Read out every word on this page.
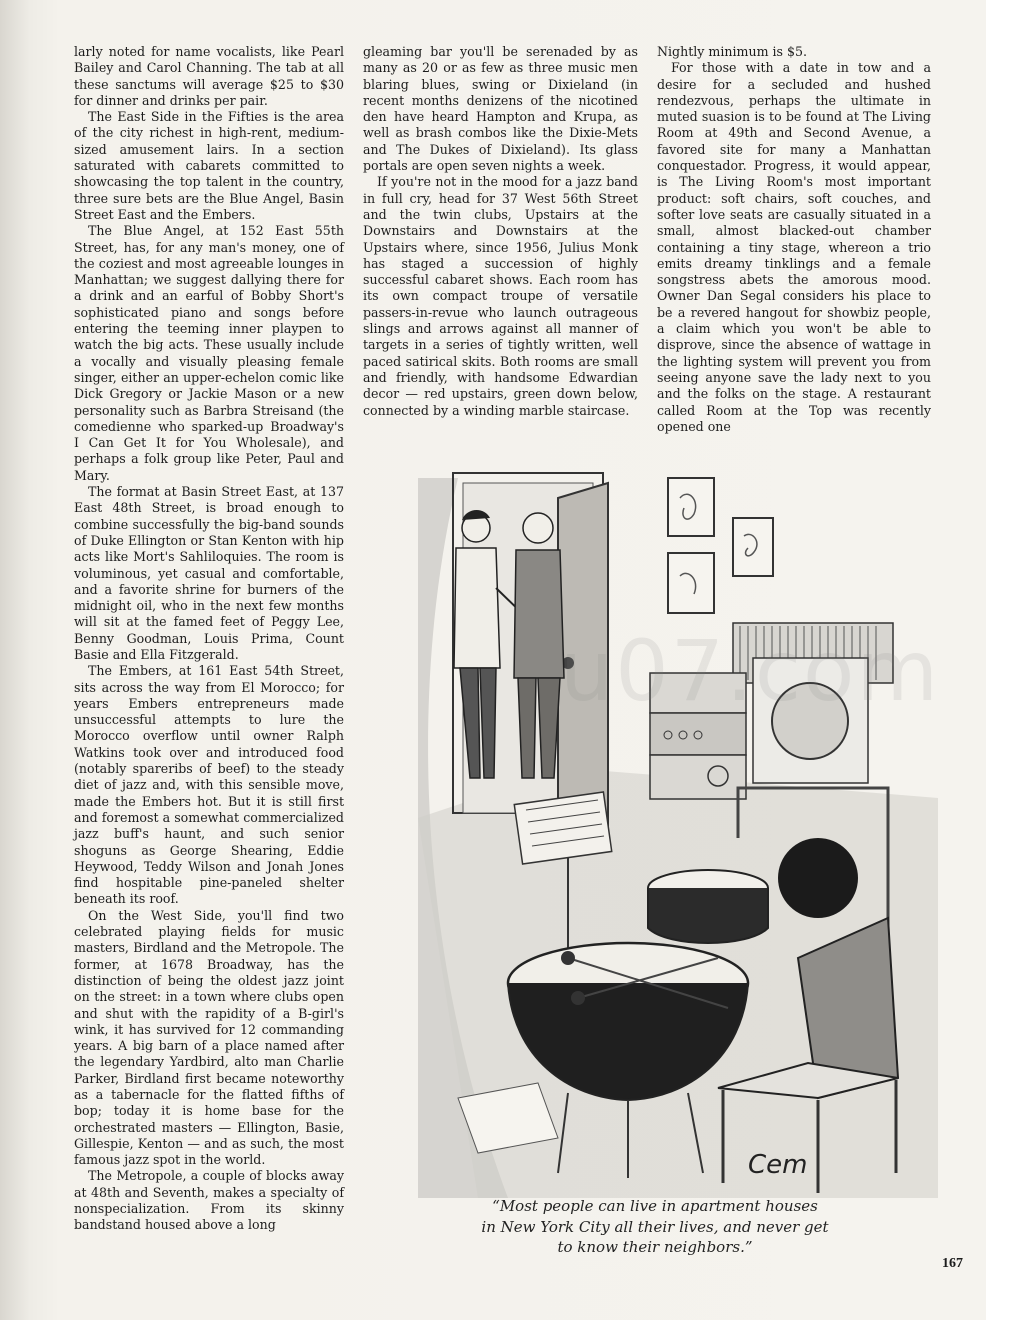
larly noted for name vocalists, like Pearl Bailey and Carol Channing. The tab at all these sanctums will average $25 to $30 for dinner and drinks per pair.

The East Side in the Fifties is the area of the city richest in high-rent, medium-sized amusement lairs. In a section saturated with cabarets committed to showcasing the top talent in the country, three sure bets are the Blue Angel, Basin Street East and the Embers.

The Blue Angel, at 152 East 55th Street, has, for any man's money, one of the coziest and most agreeable lounges in Manhattan; we suggest dallying there for a drink and an earful of Bobby Short's sophisticated piano and songs before entering the teeming inner playpen to watch the big acts. These usually include a vocally and visually pleasing female singer, either an upper-echelon comic like Dick Gregory or Jackie Mason or a new personality such as Barbra Streisand (the comedienne who sparked-up Broadway's I Can Get It for You Wholesale), and perhaps a folk group like Peter, Paul and Mary.

The format at Basin Street East, at 137 East 48th Street, is broad enough to combine successfully the big-band sounds of Duke Ellington or Stan Kenton with hip acts like Mort's Sahliloquies. The room is voluminous, yet casual and comfortable, and a favorite shrine for burners of the midnight oil, who in the next few months will sit at the famed feet of Peggy Lee, Benny Goodman, Louis Prima, Count Basie and Ella Fitzgerald.

The Embers, at 161 East 54th Street, sits across the way from El Morocco; for years Embers entrepreneurs made unsuccessful attempts to lure the Morocco overflow until owner Ralph Watkins took over and introduced food (notably spareribs of beef) to the steady diet of jazz and, with this sensible move, made the Embers hot. But it is still first and foremost a somewhat commercialized jazz buff's haunt, and such senior shoguns as George Shearing, Eddie Heywood, Teddy Wilson and Jonah Jones find hospitable pine-paneled shelter beneath its roof.

On the West Side, you'll find two celebrated playing fields for music masters, Birdland and the Metropole. The former, at 1678 Broadway, has the distinction of being the oldest jazz joint on the street: in a town where clubs open and shut with the rapidity of a B-girl's wink, it has survived for 12 commanding years. A big barn of a place named after the legendary Yardbird, alto man Charlie Parker, Birdland first became noteworthy as a tabernacle for the flatted fifths of bop; today it is home base for the orchestrated masters — Ellington, Basie, Gillespie, Kenton — and as such, the most famous jazz spot in the world.

The Metropole, a couple of blocks away at 48th and Seventh, makes a specialty of nonspecialization. From its skinny bandstand housed above a long

gleaming bar you'll be serenaded by as many as 20 or as few as three music men blaring blues, swing or Dixieland (in recent months denizens of the nicotined den have heard Hampton and Krupa, as well as brash combos like the Dixie-Mets and The Dukes of Dixieland). Its glass portals are open seven nights a week.

If you're not in the mood for a jazz band in full cry, head for 37 West 56th Street and the twin clubs, Upstairs at the Downstairs and Downstairs at the Upstairs where, since 1956, Julius Monk has staged a succession of highly successful cabaret shows. Each room has its own compact troupe of versatile passers-in-revue who launch outrageous slings and arrows against all manner of targets in a series of tightly written, well paced satirical skits. Both rooms are small and friendly, with handsome Edwardian decor — red upstairs, green down below, connected by a winding marble staircase.

Nightly minimum is $5.

For those with a date in tow and a desire for a secluded and hushed rendezvous, perhaps the ultimate in muted suasion is to be found at The Living Room at 49th and Second Avenue, a favored site for many a Manhattan conquestador. Progress, it would appear, is The Living Room's most important product: soft chairs, soft couches, and softer love seats are casually situated in a small, almost blacked-out chamber containing a tiny stage, whereon a trio emits dreamy tinklings and a female songstress abets the amorous mood. Owner Dan Segal considers his place to be a revered hangout for showbiz people, a claim which you won't be able to disprove, since the absence of wattage in the lighting system will prevent you from seeing anyone save the lady next to you and the folks on the stage. A restaurant called Room at the Top was recently opened one

Cem
u07.com
“Most people can live in apartment houses
in New York City all their lives, and never get
to know their neighbors.”
167
